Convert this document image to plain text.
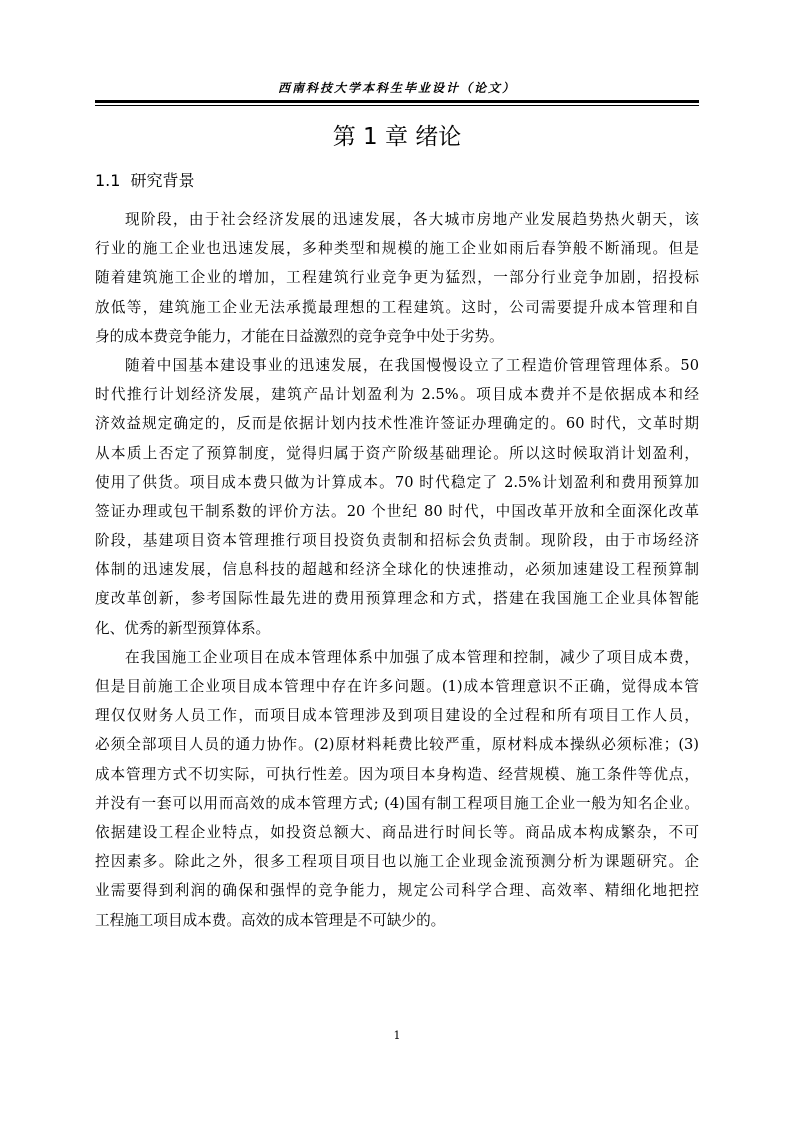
西南科技大学本科生毕业设计（论文）
第 1 章 绪论
1.1 研究背景
现阶段，由于社会经济发展的迅速发展，各大城市房地产业发展趋势热火朝天，该
行业的施工企业也迅速发展，多种类型和规模的施工企业如雨后春笋般不断涌现。但是
随着建筑施工企业的增加，工程建筑行业竞争更为猛烈，一部分行业竞争加剧，招投标
放低等，建筑施工企业无法承揽最理想的工程建筑。这时，公司需要提升成本管理和自
身的成本费竞争能力，才能在日益激烈的竞争竞争中处于劣势。
随着中国基本建设事业的迅速发展，在我国慢慢设立了工程造价管理管理体系。50
时代推行计划经济发展，建筑产品计划盈利为 2.5%。项目成本费并不是依据成本和经
济效益规定确定的，反而是依据计划内技术性准许签证办理确定的。60 时代，文革时期
从本质上否定了预算制度，觉得归属于资产阶级基础理论。所以这时候取消计划盈利，
使用了供货。项目成本费只做为计算成本。70 时代稳定了 2.5%计划盈利和费用预算加
签证办理或包干制系数的评价方法。20 个世纪 80 时代，中国改革开放和全面深化改革
阶段，基建项目资本管理推行项目投资负责制和招标会负责制。现阶段，由于市场经济
体制的迅速发展，信息科技的超越和经济全球化的快速推动，必须加速建设工程预算制
度改革创新，参考国际性最先进的费用预算理念和方式，搭建在我国施工企业具体智能
化、优秀的新型预算体系。
在我国施工企业项目在成本管理体系中加强了成本管理和控制，减少了项目成本费，
但是目前施工企业项目成本管理中存在许多问题。(1)成本管理意识不正确，觉得成本管
理仅仅财务人员工作，而项目成本管理涉及到项目建设的全过程和所有项目工作人员，
必须全部项目人员的通力协作。(2)原材料耗费比较严重，原材料成本操纵必须标准；(3)
成本管理方式不切实际，可执行性差。因为项目本身构造、经营规模、施工条件等优点，
并没有一套可以用而高效的成本管理方式; (4)国有制工程项目施工企业一般为知名企业。
依据建设工程企业特点，如投资总额大、商品进行时间长等。商品成本构成繁杂，不可
控因素多。除此之外，很多工程项目项目也以施工企业现金流预测分析为课题研究。企
业需要得到利润的确保和强悍的竞争能力，规定公司科学合理、高效率、精细化地把控
工程施工项目成本费。高效的成本管理是不可缺少的。
1
